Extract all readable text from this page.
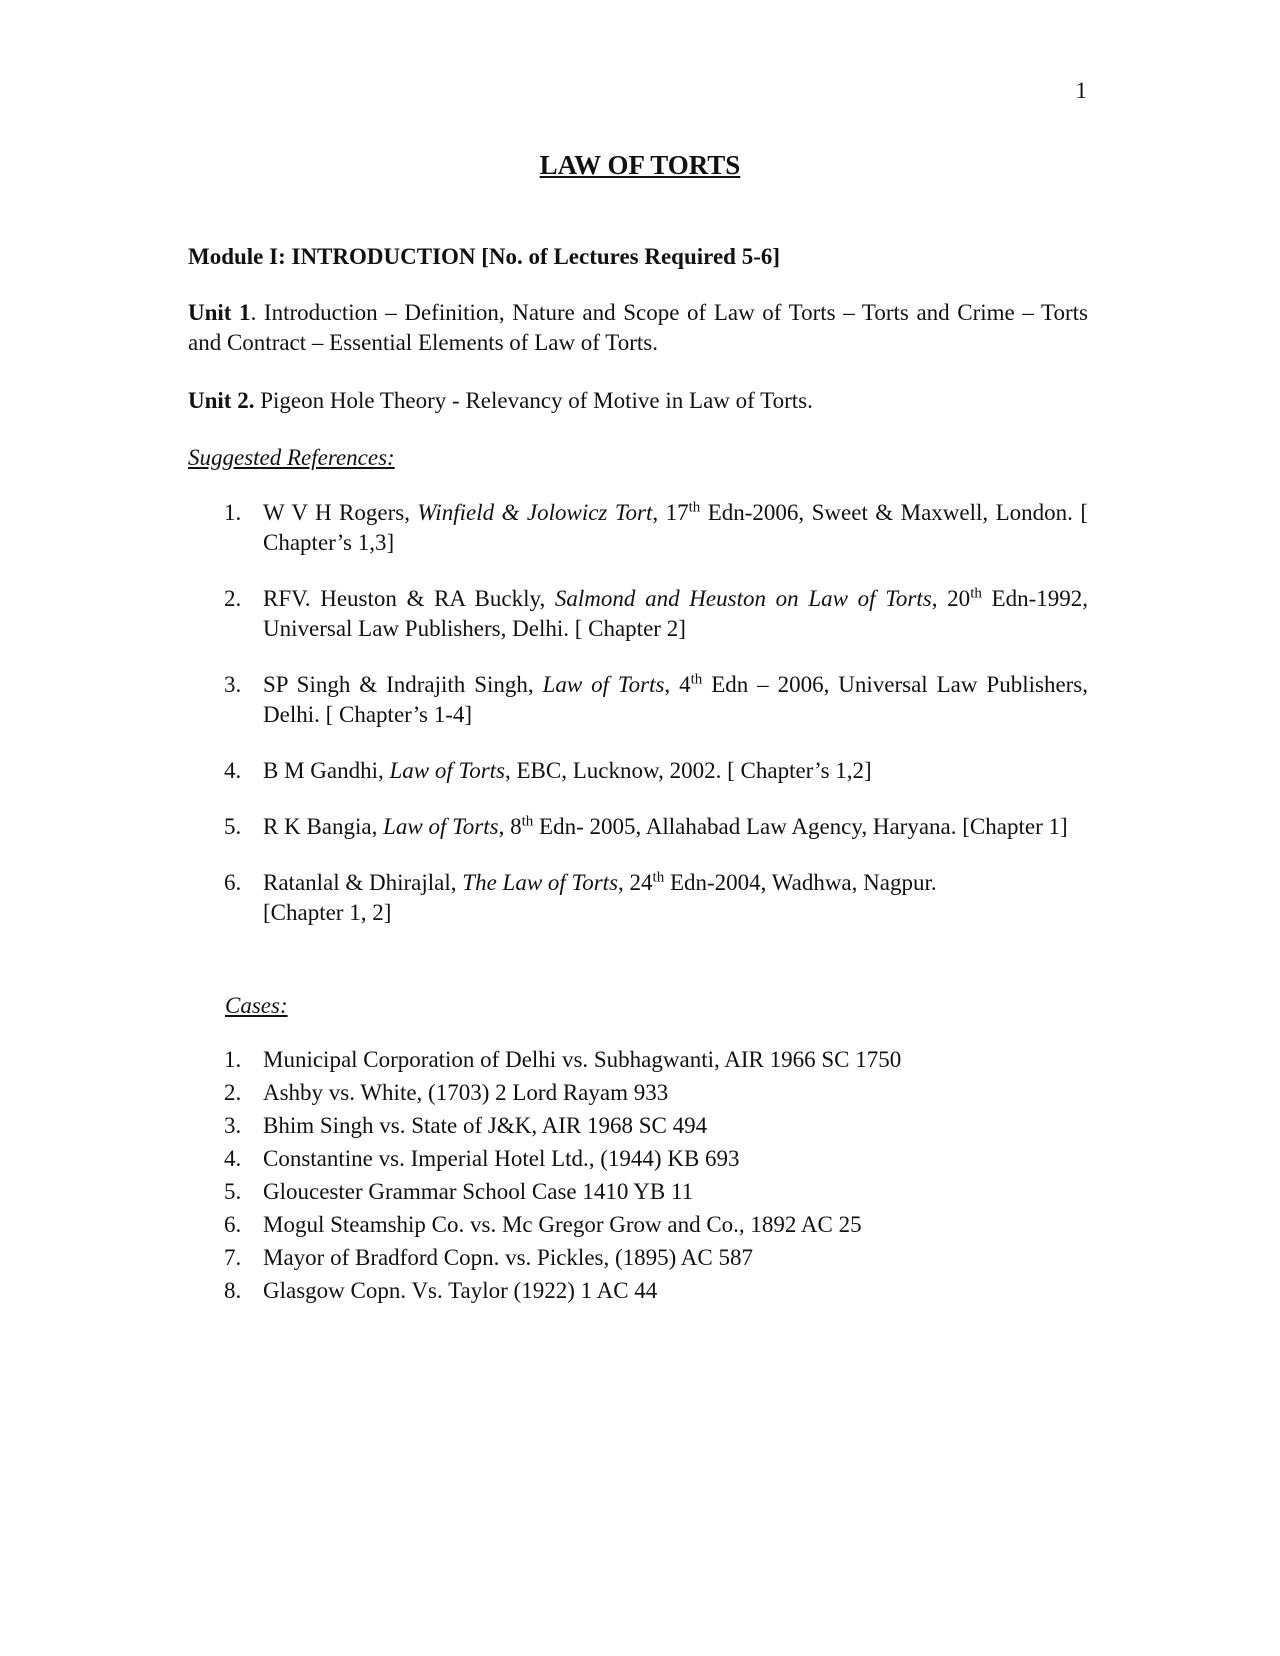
1
LAW OF TORTS
Module I: INTRODUCTION [No. of Lectures Required 5-6]
Unit 1. Introduction – Definition, Nature and Scope of Law of Torts – Torts and Crime – Torts and Contract – Essential Elements of Law of Torts.
Unit 2. Pigeon Hole Theory - Relevancy of Motive in Law of Torts.
Suggested References:
1. W V H Rogers, Winfield & Jolowicz Tort, 17th Edn-2006, Sweet & Maxwell, London. [ Chapter’s 1,3]
2. RFV. Heuston & RA Buckly, Salmond and Heuston on Law of Torts, 20th Edn-1992, Universal Law Publishers, Delhi. [ Chapter 2]
3. SP Singh & Indrajith Singh, Law of Torts, 4th Edn – 2006, Universal Law Publishers, Delhi. [ Chapter’s 1-4]
4. B M Gandhi, Law of Torts, EBC, Lucknow, 2002. [ Chapter’s 1,2]
5. R K Bangia, Law of Torts, 8th Edn- 2005, Allahabad Law Agency, Haryana. [Chapter 1]
6. Ratanlal & Dhirajlal, The Law of Torts, 24th Edn-2004, Wadhwa, Nagpur.
[Chapter 1, 2]
Cases:
1. Municipal Corporation of Delhi vs. Subhagwanti, AIR 1966 SC 1750
2. Ashby vs. White, (1703) 2 Lord Rayam 933
3. Bhim Singh vs. State of J&K, AIR 1968 SC 494
4. Constantine vs. Imperial Hotel Ltd., (1944) KB 693
5. Gloucester Grammar School Case 1410 YB 11
6. Mogul Steamship Co. vs. Mc Gregor Grow and Co., 1892 AC 25
7. Mayor of Bradford Copn. vs. Pickles, (1895) AC 587
8. Glasgow Copn. Vs. Taylor (1922) 1 AC 44
